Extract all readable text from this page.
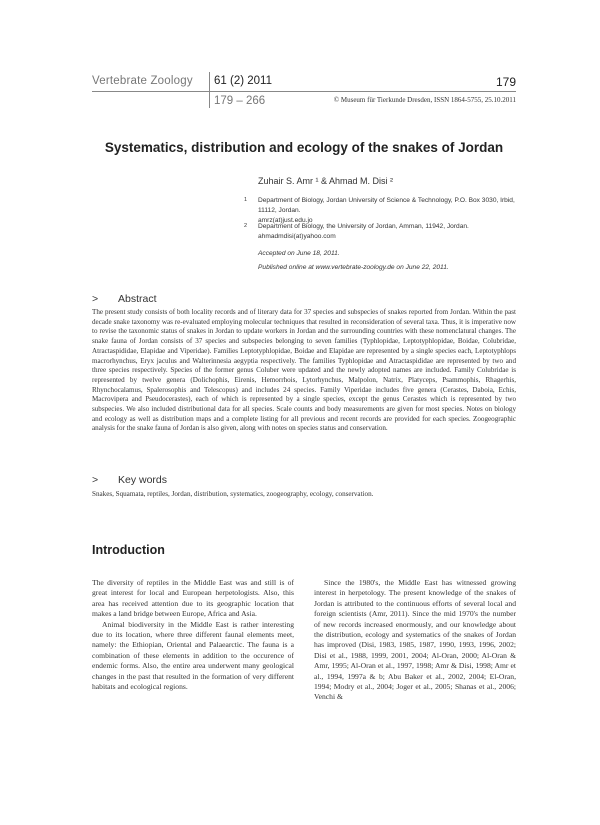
Vertebrate Zoology 61 (2) 2011
179 – 266
179
© Museum für Tierkunde Dresden, ISSN 1864-5755, 25.10.2011
Systematics, distribution and ecology of the snakes of Jordan
Zuhair S. Amr ¹ & Ahmad M. Disi ²
1 Department of Biology, Jordan University of Science & Technology, P.O. Box 3030, Irbid, 11112, Jordan.
amrz(at)just.edu.jo
2 Department of Biology, the University of Jordan, Amman, 11942, Jordan.
ahmadmdisi(at)yahoo.com
Accepted on June 18, 2011.
Published online at www.vertebrate-zoology.de on June 22, 2011.
> Abstract
The present study consists of both locality records and of literary data for 37 species and subspecies of snakes reported from Jordan. Within the past decade snake taxonomy was re-evaluated employing molecular techniques that resulted in reconsideration of several taxa. Thus, it is imperative now to revise the taxonomic status of snakes in Jordan to update workers in Jordan and the surrounding countries with these nomenclatural changes. The snake fauna of Jordan consists of 37 species and subspecies belonging to seven families (Typhlopidae, Leptotyphlopidae, Boidae, Colubridae, Atractaspididae, Elapidae and Viperidae). Families Leptotyphlopidae, Boidae and Elapidae are represented by a single species each, Leptotyphlops macrorhynchus, Eryx jaculus and Walterinnesia aegyptia respectively. The families Typhlopidae and Atractaspididae are represented by two and three species respectively. Species of the former genus Coluber were updated and the newly adopted names are included. Family Colubridae is represented by twelve genera (Dolichophis, Eirenis, Hemorrhois, Lytorhynchus, Malpolon, Natrix, Platyceps, Psammophis, Rhagerhis, Rhynchocalamus, Spalerosophis and Telescopus) and includes 24 species. Family Viperidae includes five genera (Cerastes, Daboia, Echis, Macrovipera and Pseudocerastes), each of which is represented by a single species, except the genus Cerastes which is represented by two subspecies. We also included distributional data for all species. Scale counts and body measurements are given for most species. Notes on biology and ecology as well as distribution maps and a complete listing for all previous and recent records are provided for each species. Zoogeographic analysis for the snake fauna of Jordan is also given, along with notes on species status and conservation.
> Key words
Snakes, Squamata, reptiles, Jordan, distribution, systematics, zoogeography, ecology, conservation.
Introduction

The diversity of reptiles in the Middle East was and still is of great interest for local and European herpetologists. Also, this area has received attention due to its geographic location that makes a land bridge between Europe, Africa and Asia.

Animal biodiversity in the Middle East is rather interesting due to its location, where three different faunal elements meet, namely: the Ethiopian, Oriental and Palaearctic. The fauna is a combination of these elements in addition to the occurence of endemic forms. Also, the entire area underwent many geological changes in the past that resulted in the formation of very different habitats and ecological regions.

Since the 1980's, the Middle East has witnessed growing interest in herpetology. The present knowledge of the snakes of Jordan is attributed to the continuous efforts of several local and foreign scientists (Amr, 2011). Since the mid 1970's the number of new records increased enormously, and our knowledge about the distribution, ecology and systematics of the snakes of Jordan has improved (Disi, 1983, 1985, 1987, 1990, 1993, 1996, 2002; Disi et al., 1988, 1999, 2001, 2004; Al-Oran, 2000; Al-Oran & Amr, 1995; Al-Oran et al., 1997, 1998; Amr & Disi, 1998; Amr et al., 1994, 1997a & b; Abu Baker et al., 2002, 2004; El-Oran, 1994; Modry et al., 2004; Joger et al., 2005; Shanas et al., 2006; Venchi &
